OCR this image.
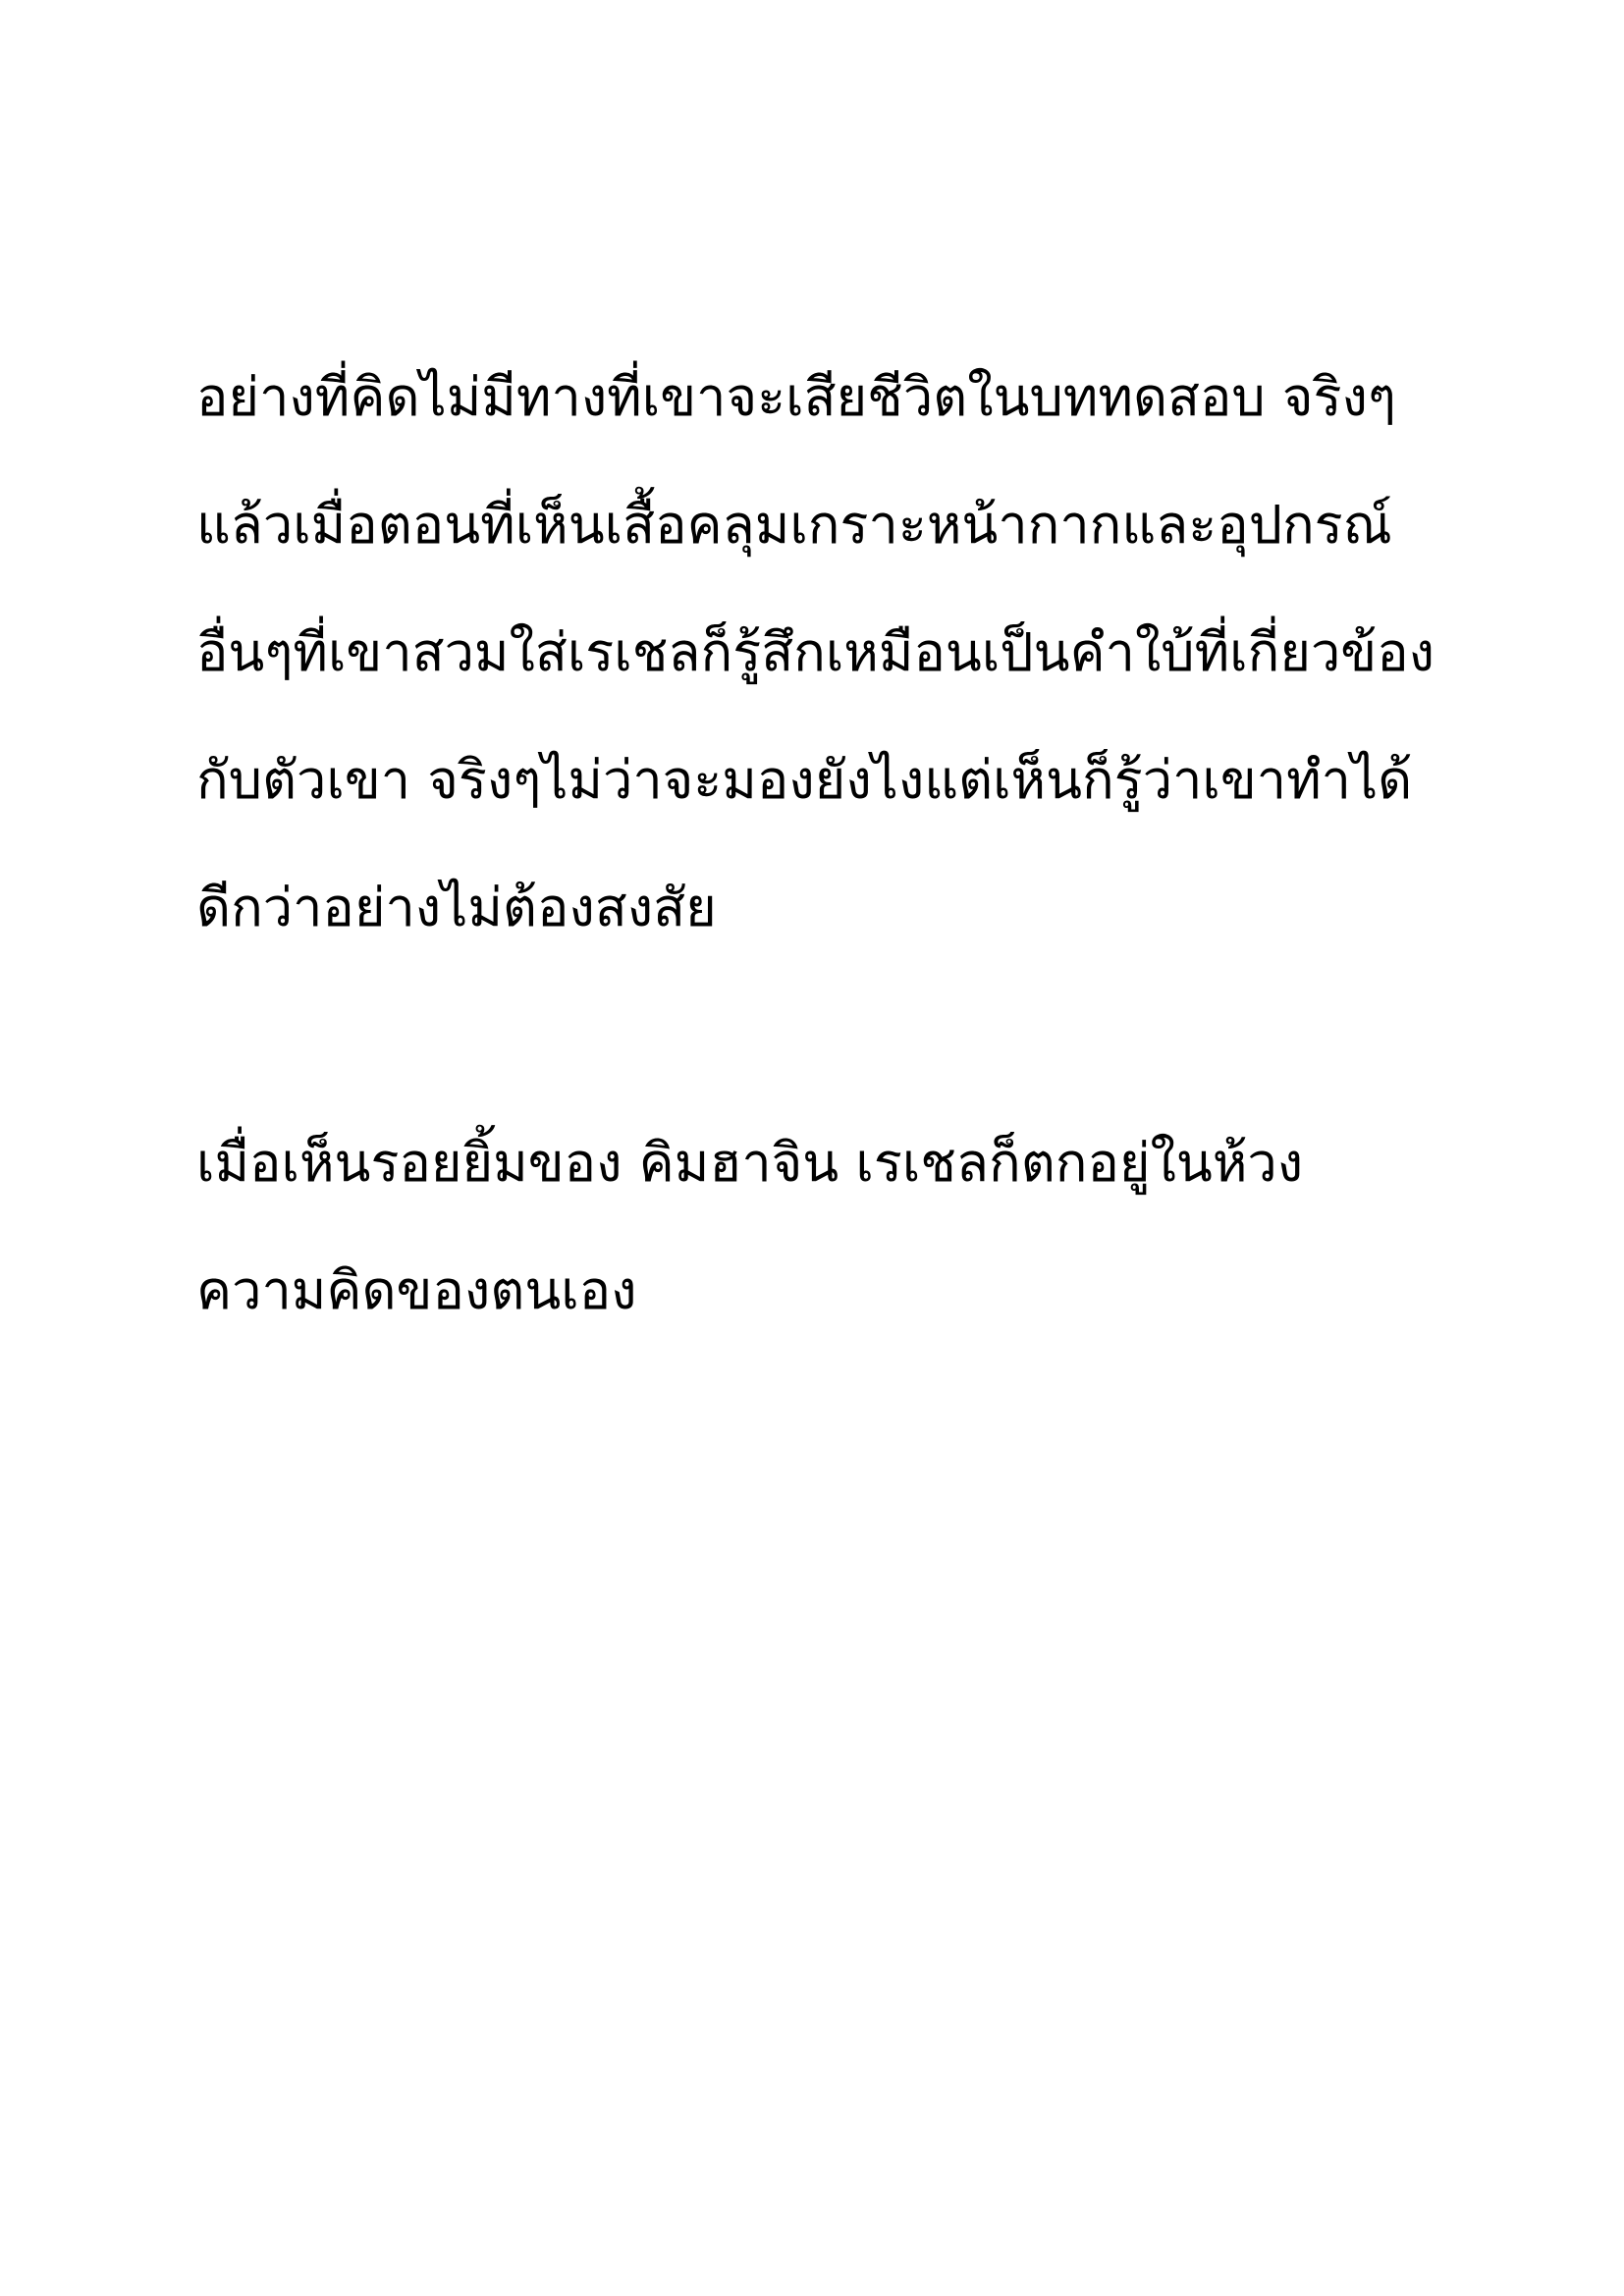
อย่างที่คิดไม่มีทางที่เขาจะเสียชีวิตในบททดสอบ จริงๆ
แล้วเมื่อตอนที่เห็นเสื้อคลุมเกราะหน้ากากและอุปกรณ์
อื่นๆที่เขาสวมใส่เรเชลก็รู้สึกเหมือนเป็นคำใบ้ที่เกี่ยวข้อง
กับตัวเขา จริงๆไม่ว่าจะมองยังไงแต่เห็นก็รู้ว่าเขาทำได้
ดีกว่าอย่างไม่ต้องสงสัย
เมื่อเห็นรอยยิ้มของ คิมฮาจิน เรเชลก็ตกอยู่ในห้วง
ความคิดของตนเอง
